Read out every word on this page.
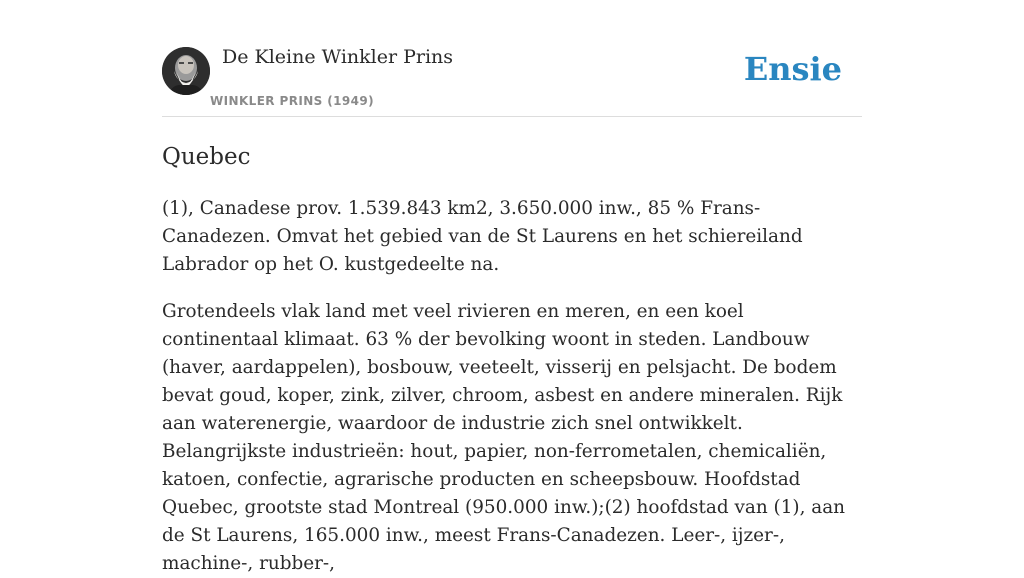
De Kleine Winkler Prins
WINKLER PRINS (1949)
Ensie
Quebec

(1), Canadese prov. 1.539.843 km2, 3.650.000 inw., 85 % Frans-Canadezen. Omvat het gebied van de St Laurens en het schiereiland Labrador op het O. kustgedeelte na.

Grotendeels vlak land met veel rivieren en meren, en een koel continentaal klimaat. 63 % der bevolking woont in steden. Landbouw (haver, aardappelen), bosbouw, veeteelt, visserij en pelsjacht. De bodem bevat goud, koper, zink, zilver, chroom, asbest en andere mineralen. Rijk aan waterenergie, waardoor de industrie zich snel ontwikkelt. Belangrijkste industrieën: hout, papier, non-ferrometalen, chemicaliën, katoen, confectie, agrarische producten en scheepsbouw. Hoofdstad Quebec, grootste stad Montreal (950.000 inw.);(2) hoofdstad van (1), aan de St Laurens, 165.000 inw., meest Frans-Canadezen. Leer-, ijzer-, machine-, rubber-,
